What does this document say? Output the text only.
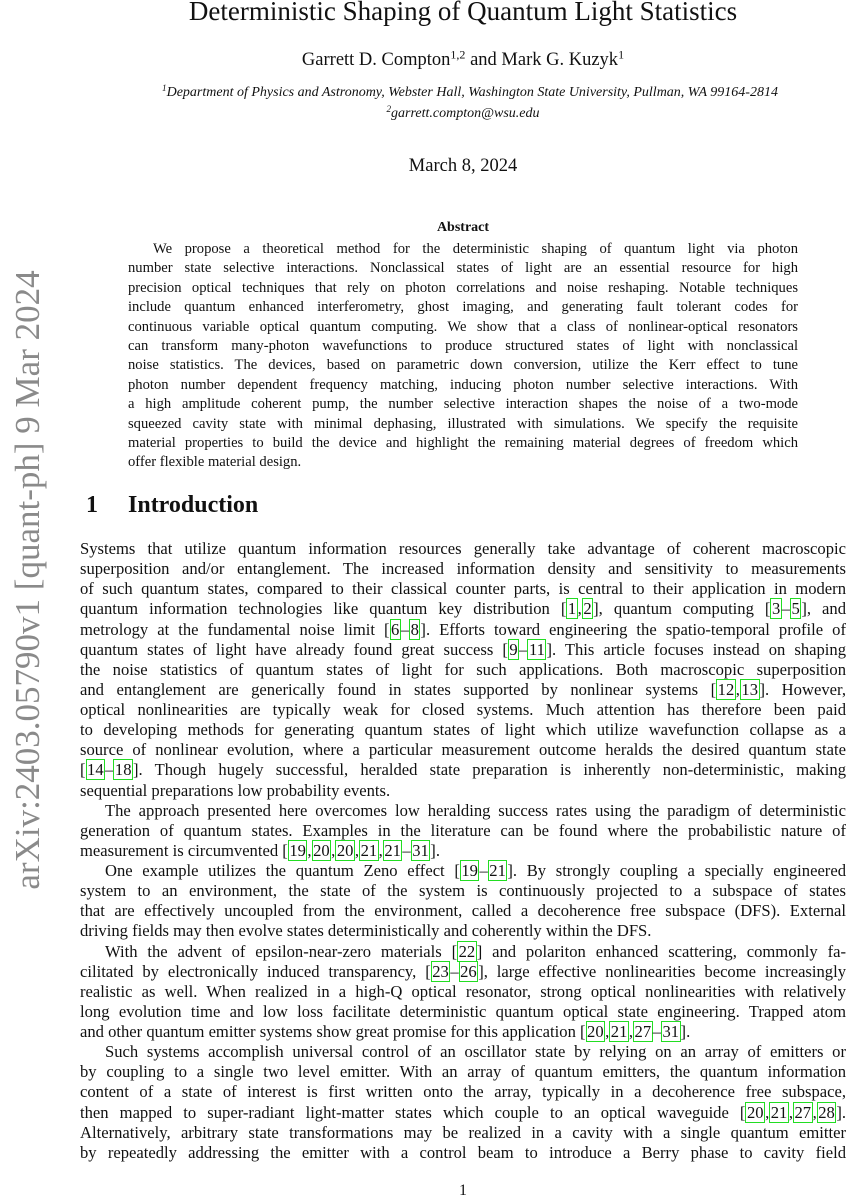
arXiv:2403.05790v1 [quant-ph] 9 Mar 2024
Deterministic Shaping of Quantum Light Statistics
Garrett D. Compton$^{1,2}$ and Mark G. Kuzyk$^1$
$^1$Department of Physics and Astronomy, Webster Hall, Washington State University, Pullman, WA 99164-2814
$^2$garrett.compton@wsu.edu
March 8, 2024
Abstract
We propose a theoretical method for the deterministic shaping of quantum light via photon
number state selective interactions. Nonclassical states of light are an essential resource for high
precision optical techniques that rely on photon correlations and noise reshaping. Notable techniques
include quantum enhanced interferometry, ghost imaging, and generating fault tolerant codes for
continuous variable optical quantum computing. We show that a class of nonlinear-optical resonators
can transform many-photon wavefunctions to produce structured states of light with nonclassical
noise statistics. The devices, based on parametric down conversion, utilize the Kerr effect to tune
photon number dependent frequency matching, inducing photon number selective interactions. With
a high amplitude coherent pump, the number selective interaction shapes the noise of a two-mode
squeezed cavity state with minimal dephasing, illustrated with simulations. We specify the requisite
material properties to build the device and highlight the remaining material degrees of freedom which
offer flexible material design.
1 Introduction
Systems that utilize quantum information resources generally take advantage of coherent macroscopic
superposition and/or entanglement. The increased information density and sensitivity to measurements
of such quantum states, compared to their classical counter parts, is central to their application in modern
quantum information technologies like quantum key distribution [1,2], quantum computing [3–5], and
metrology at the fundamental noise limit [6–8]. Efforts toward engineering the spatio-temporal profile of
quantum states of light have already found great success [9–11]. This article focuses instead on shaping
the noise statistics of quantum states of light for such applications. Both macroscopic superposition
and entanglement are generically found in states supported by nonlinear systems [12,13]. However,
optical nonlinearities are typically weak for closed systems. Much attention has therefore been paid
to developing methods for generating quantum states of light which utilize wavefunction collapse as a
source of nonlinear evolution, where a particular measurement outcome heralds the desired quantum state
[14–18]. Though hugely successful, heralded state preparation is inherently non-deterministic, making
sequential preparations low probability events.
The approach presented here overcomes low heralding success rates using the paradigm of deterministic
generation of quantum states. Examples in the literature can be found where the probabilistic nature of
measurement is circumvented [19,20,20,21,21–31].
One example utilizes the quantum Zeno effect [19–21]. By strongly coupling a specially engineered
system to an environment, the state of the system is continuously projected to a subspace of states
that are effectively uncoupled from the environment, called a decoherence free subspace (DFS). External
driving fields may then evolve states deterministically and coherently within the DFS.
With the advent of epsilon-near-zero materials [22] and polariton enhanced scattering, commonly fa-
cilitated by electronically induced transparency, [23–26], large effective nonlinearities become increasingly
realistic as well. When realized in a high-Q optical resonator, strong optical nonlinearities with relatively
long evolution time and low loss facilitate deterministic quantum optical state engineering. Trapped atom
and other quantum emitter systems show great promise for this application [20,21,27–31].
Such systems accomplish universal control of an oscillator state by relying on an array of emitters or
by coupling to a single two level emitter. With an array of quantum emitters, the quantum information
content of a state of interest is first written onto the array, typically in a decoherence free subspace,
then mapped to super-radiant light-matter states which couple to an optical waveguide [20,21,27,28].
Alternatively, arbitrary state transformations may be realized in a cavity with a single quantum emitter
by repeatedly addressing the emitter with a control beam to introduce a Berry phase to cavity field
1
